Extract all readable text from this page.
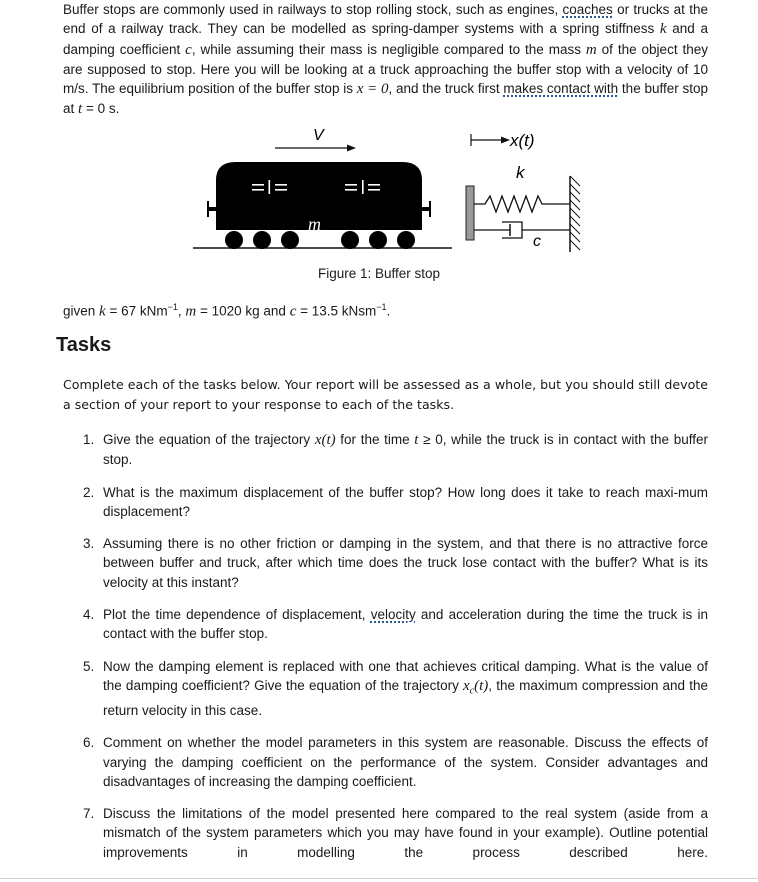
Buffer stops are commonly used in railways to stop rolling stock, such as engines, coaches or trucks at the end of a railway track. They can be modelled as spring-damper systems with a spring stiffness k and a damping coefficient c, while assuming their mass is negligible compared to the mass m of the object they are supposed to stop. Here you will be looking at a truck approaching the buffer stop with a velocity of 10 m/s. The equilibrium position of the buffer stop is x = 0, and the truck first makes contact with the buffer stop at t = 0 s.

V	x(t)
k
m
c
Figure 1: Buffer stop
given k = 67 kNm$^{-1}$, m = 1020 kg and c = 13.5 kNsm$^{-1}$.
Tasks
Complete each of the tasks below. Your report will be assessed as a whole, but you should still devote a section of your report to your response to each of the tasks.
1. Give the equation of the trajectory x(t) for the time t ≥ 0, while the truck is in contact with the buffer stop.
2. What is the maximum displacement of the buffer stop? How long does it take to reach maxi-mum displacement?
3. Assuming there is no other friction or damping in the system, and that there is no attractive force between buffer and truck, after which time does the truck lose contact with the buffer? What is its velocity at this instant?
4. Plot the time dependence of displacement, velocity and acceleration during the time the truck is in contact with the buffer stop.
5. Now the damping element is replaced with one that achieves critical damping. What is the value of the damping coefficient? Give the equation of the trajectory $x_c(t)$, the maximum compression and the return velocity in this case.
6. Comment on whether the model parameters in this system are reasonable. Discuss the effects of varying the damping coefficient on the performance of the system. Consider advantages and disadvantages of increasing the damping coefficient.
7. Discuss the limitations of the model presented here compared to the real system (aside from a mismatch of the system parameters which you may have found in your example). Outline potential improvements in modelling the process described here.
